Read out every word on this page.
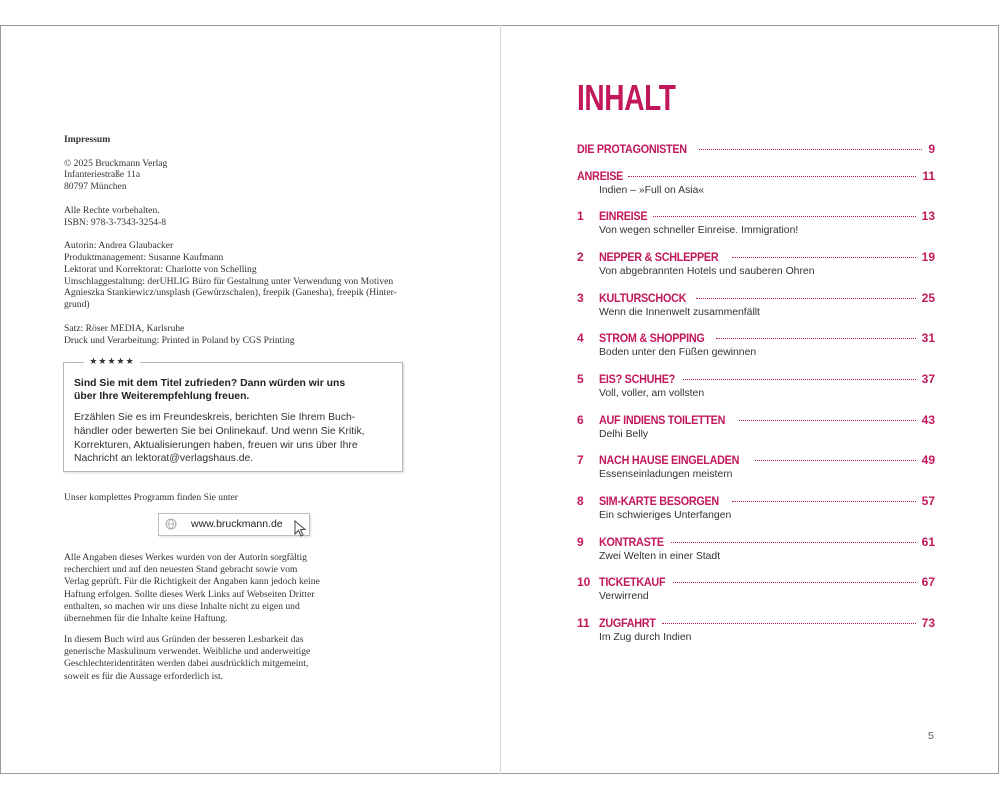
Impressum

© 2025 Bruckmann Verlag

Infanteriestraße 11a

80797 München

Alle Rechte vorbehalten.

ISBN: 978-3-7343-3254-8

Autorin: Andrea Glaubacker

Produktmanagement: Susanne Kaufmann

Lektorat und Korrektorat: Charlotte von Schelling

Umschlaggestaltung: derUHLIG Büro für Gestaltung unter Verwendung von Motiven

Agnieszka Stankiewicz/unsplash (Gewürzschalen), freepik (Ganesha), freepik (Hinter-

grund)

Satz: Röser MEDIA, Karlsruhe

Druck und Verarbeitung: Printed in Poland by CGS Printing

★★★★★

Sind Sie mit dem Titel zufrieden? Dann würden wir uns
über Ihre Weiterempfehlung freuen.

Erzählen Sie es im Freundeskreis, berichten Sie Ihrem Buch-
händler oder bewerten Sie bei Onlinekauf. Und wenn Sie Kritik,
Korrekturen, Aktualisierungen haben, freuen wir uns über Ihre
Nachricht an lektorat@verlagshaus.de.

Unser komplettes Programm finden Sie unter

www.bruckmann.de

Alle Angaben dieses Werkes wurden von der Autorin sorgfältig
recherchiert und auf den neuesten Stand gebracht sowie vom
Verlag geprüft. Für die Richtigkeit der Angaben kann jedoch keine
Haftung erfolgen. Sollte dieses Werk Links auf Webseiten Dritter
enthalten, so machen wir uns diese Inhalte nicht zu eigen und
übernehmen für die Inhalte keine Haftung.

In diesem Buch wird aus Gründen der besseren Lesbarkeit das
generische Maskulinum verwendet. Weibliche und anderweitige
Geschlechteridentitäten werden dabei ausdrücklich mitgemeint,
soweit es für die Aussage erforderlich ist.

INHALT
DIE PROTAGONISTEN	9
ANREISE	11
Indien – »Full on Asia«
1 EINREISE	13
Von wegen schneller Einreise. Immigration!
2 NEPPER & SCHLEPPER	19
Von abgebrannten Hotels und sauberen Ohren
3 KULTURSCHOCK	25
Wenn die Innenwelt zusammenfällt
4 STROM & SHOPPING	31
Boden unter den Füßen gewinnen
5 EIS? SCHUHE?	37
Voll, voller, am vollsten
6 AUF INDIENS TOILETTEN	43
Delhi Belly
7 NACH HAUSE EINGELADEN	49
Essenseinladungen meistern
8 SIM-KARTE BESORGEN	57
Ein schwieriges Unterfangen
9 KONTRASTE	61
Zwei Welten in einer Stadt
10 TICKETKAUF	67
Verwirrend
11 ZUGFAHRT	73
Im Zug durch Indien
5
